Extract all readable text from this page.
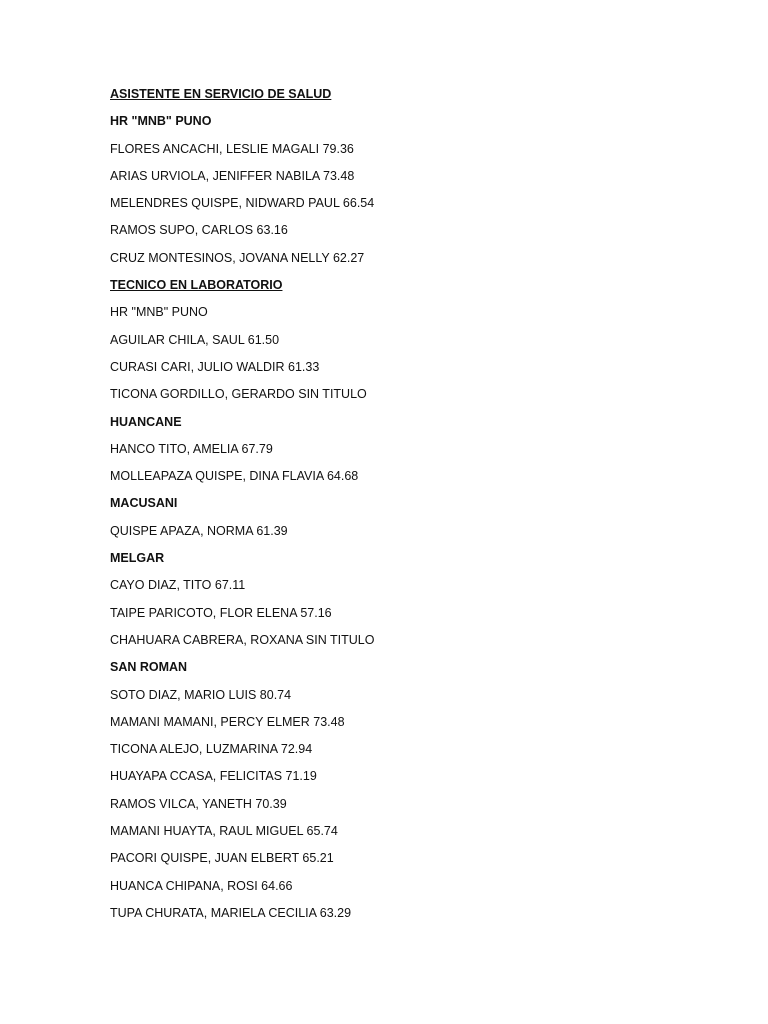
ASISTENTE EN SERVICIO DE SALUD
HR "MNB" PUNO
FLORES ANCACHI, LESLIE MAGALI 79.36
ARIAS URVIOLA, JENIFFER NABILA 73.48
MELENDRES QUISPE, NIDWARD PAUL 66.54
RAMOS SUPO, CARLOS 63.16
CRUZ MONTESINOS, JOVANA NELLY 62.27
TECNICO EN LABORATORIO
HR "MNB" PUNO
AGUILAR CHILA, SAUL 61.50
CURASI CARI, JULIO WALDIR 61.33
TICONA GORDILLO, GERARDO SIN TITULO
HUANCANE
HANCO TITO, AMELIA 67.79
MOLLEAPAZA QUISPE, DINA FLAVIA 64.68
MACUSANI
QUISPE APAZA, NORMA 61.39
MELGAR
CAYO DIAZ, TITO 67.11
TAIPE PARICOTO, FLOR ELENA 57.16
CHAHUARA CABRERA, ROXANA SIN TITULO
SAN ROMAN
SOTO DIAZ, MARIO LUIS 80.74
MAMANI MAMANI, PERCY ELMER 73.48
TICONA ALEJO, LUZMARINA 72.94
HUAYAPA CCASA, FELICITAS 71.19
RAMOS VILCA, YANETH 70.39
MAMANI HUAYTA, RAUL MIGUEL 65.74
PACORI QUISPE, JUAN ELBERT 65.21
HUANCA CHIPANA, ROSI 64.66
TUPA CHURATA, MARIELA CECILIA 63.29
